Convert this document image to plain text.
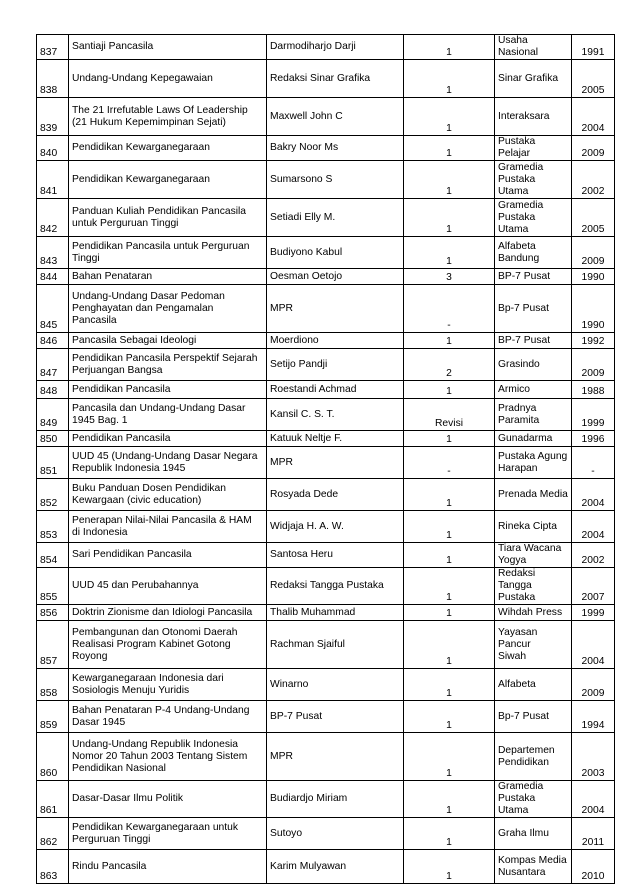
837	Santiaji Pancasila	Darmodiharjo Darji	1	Usaha Nasional	1991
838	Undang-Undang Kepegawaian	Redaksi Sinar Grafika	1	Sinar Grafika	2005
839	The 21 Irrefutable Laws Of Leadership
(21 Hukum Kepemimpinan Sejati)	Maxwell John C	1	Interaksara	2004
840	Pendidikan Kewarganegaraan	Bakry Noor Ms	1	Pustaka Pelajar	2009
841	Pendidikan Kewarganegaraan	Sumarsono S	1	Gramedia Pustaka
Utama	2002
842	Panduan Kuliah Pendidikan Pancasila
untuk Perguruan Tinggi	Setiadi Elly M.	1	Gramedia Pustaka
Utama	2005
843	Pendidikan Pancasila untuk Perguruan
Tinggi	Budiyono Kabul	1	Alfabeta Bandung	2009
844	Bahan Penataran	Oesman Oetojo	3	BP-7 Pusat	1990
845	Undang-Undang Dasar Pedoman
Penghayatan dan Pengamalan
Pancasila	MPR	-	Bp-7 Pusat	1990
846	Pancasila Sebagai Ideologi	Moerdiono	1	BP-7 Pusat	1992
847	Pendidikan Pancasila Perspektif Sejarah
Perjuangan Bangsa	Setijo Pandji	2	Grasindo	2009
848	Pendidikan Pancasila	Roestandi Achmad	1	Armico	1988
849	Pancasila dan Undang-Undang Dasar
1945 Bag. 1	Kansil C. S. T.	Revisi	Pradnya Paramita	1999
850	Pendidikan Pancasila	Katuuk Neltje F.	1	Gunadarma	1996
851	UUD 45 (Undang-Undang Dasar Negara
Republik Indonesia 1945	MPR	-	Pustaka Agung
Harapan	-
852	Buku Panduan Dosen Pendidikan
Kewargaan (civic education)	Rosyada Dede	1	Prenada Media	2004
853	Penerapan Nilai-Nilai Pancasila & HAM
di Indonesia	Widjaja H. A. W.	1	Rineka Cipta	2004
854	Sari Pendidikan Pancasila	Santosa Heru	1	Tiara Wacana Yogya	2002
855	UUD 45 dan Perubahannya	Redaksi Tangga Pustaka	1	Redaksi Tangga
Pustaka	2007
856	Doktrin Zionisme dan Idiologi Pancasila	Thalib Muhammad	1	Wihdah Press	1999
857	Pembangunan dan Otonomi Daerah
Realisasi Program Kabinet Gotong
Royong	Rachman Sjaiful	1	Yayasan Pancur
Siwah	2004
858	Kewarganegaraan Indonesia dari
Sosiologis Menuju Yuridis	Winarno	1	Alfabeta	2009
859	Bahan Penataran P-4 Undang-Undang
Dasar 1945	BP-7 Pusat	1	Bp-7 Pusat	1994
860	Undang-Undang Republik Indonesia
Nomor 20 Tahun 2003 Tentang Sistem
Pendidikan Nasional	MPR	1	Departemen
Pendidikan	2003
861	Dasar-Dasar Ilmu Politik	Budiardjo Miriam	1	Gramedia Pustaka
Utama	2004
862	Pendidikan Kewarganegaraan untuk
Perguruan Tinggi	Sutoyo	1	Graha Ilmu	2011
863	Rindu Pancasila	Karim Mulyawan	1	Kompas Media
Nusantara	2010
